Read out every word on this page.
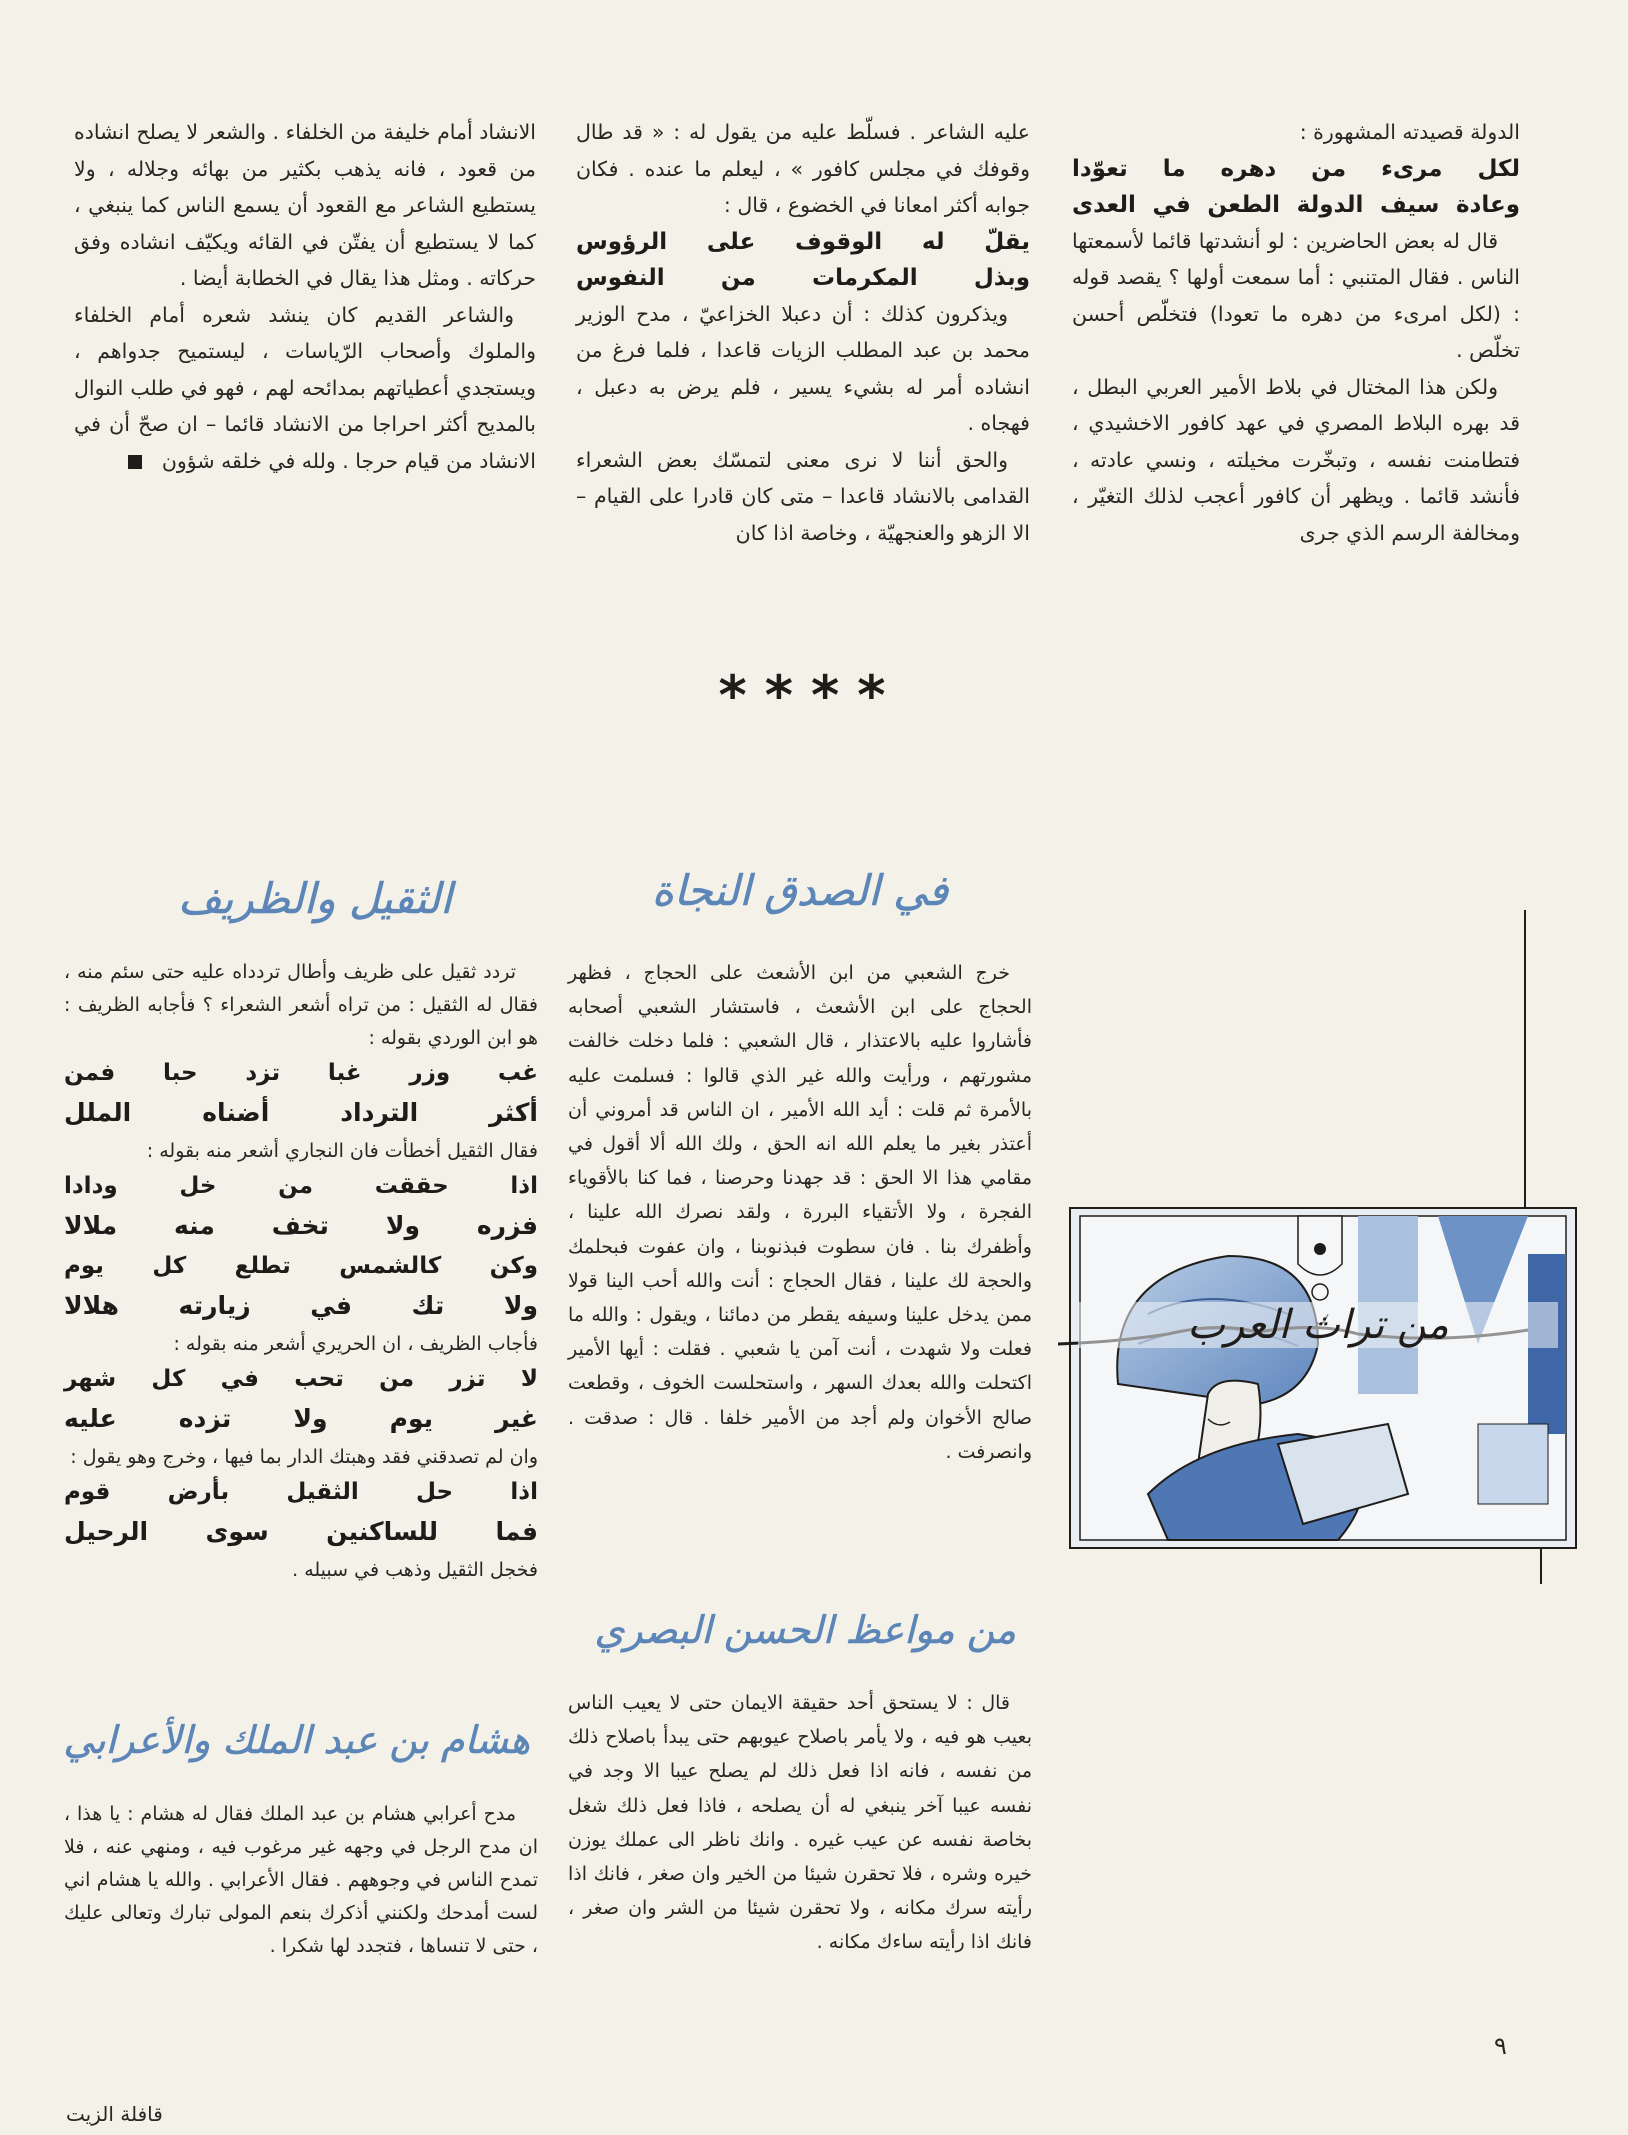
الدولة قصيدته المشهورة :

لكل مرىء من دهره ما تعوّدا

وعادة سيف الدولة الطعن في العدى

قال له بعض الحاضرين : لو أنشدتها قائما لأسمعتها الناس . فقال المتنبي : أما سمعت أولها ؟ يقصد قوله : (لكل امرىء من دهره ما تعودا) فتخلّص أحسن تخلّص .

ولكن هذا المختال في بلاط الأمير العربي البطل ، قد بهره البلاط المصري في عهد كافور الاخشيدي ، فتطامنت نفسه ، وتبخّرت مخيلته ، ونسي عادته ، فأنشد قائما . ويظهر أن كافور أعجب لذلك التغيّر ، ومخالفة الرسم الذي جرى

عليه الشاعر . فسلّط عليه من يقول له : « قد طال وقوفك في مجلس كافور » ، ليعلم ما عنده . فكان جوابه أكثر امعانا في الخضوع ، قال :

يقلّ له الوقوف على الرؤوس

وبذل المكرمات من النفوس

ويذكرون كذلك : أن دعبلا الخزاعيّ ، مدح الوزير محمد بن عبد المطلب الزيات قاعدا ، فلما فرغ من انشاده أمر له بشيء يسير ، فلم يرض به دعبل ، فهجاه .

والحق أننا لا نرى معنى لتمسّك بعض الشعراء القدامى بالانشاد قاعدا – متى كان قادرا على القيام – الا الزهو والعنجهيّة ، وخاصة اذا كان

الانشاد أمام خليفة من الخلفاء . والشعر لا يصلح انشاده من قعود ، فانه يذهب بكثير من بهائه وجلاله ، ولا يستطيع الشاعر مع القعود أن يسمع الناس كما ينبغي ، كما لا يستطيع أن يفتّن في القائه ويكيّف انشاده وفق حركاته . ومثل هذا يقال في الخطابة أيضا .

والشاعر القديم كان ينشد شعره أمام الخلفاء والملوك وأصحاب الرّياسات ، ليستميح جدواهم ، ويستجدي أعطياتهم بمدائحه لهم ، فهو في طلب النوال بالمديح أكثر احراجا من الانشاد قائما – ان صحّ أن في الانشاد من قيام حرجا . ولله في خلقه شؤون

****
في الصدق النجاة

خرج الشعبي من ابن الأشعث على الحجاج ، فظهر الحجاج على ابن الأشعث ، فاستشار الشعبي أصحابه فأشاروا عليه بالاعتذار ، قال الشعبي : فلما دخلت خالفت مشورتهم ، ورأيت والله غير الذي قالوا : فسلمت عليه بالأمرة ثم قلت : أيد الله الأمير ، ان الناس قد أمروني أن أعتذر بغير ما يعلم الله انه الحق ، ولك الله ألا أقول في مقامي هذا الا الحق : قد جهدنا وحرصنا ، فما كنا بالأقوياء الفجرة ، ولا الأتقياء البررة ، ولقد نصرك الله علينا ، وأظفرك بنا . فان سطوت فبذنوبنا ، وان عفوت فبحلمك والحجة لك علينا ، فقال الحجاج : أنت والله أحب الينا قولا ممن يدخل علينا وسيفه يقطر من دمائنا ، ويقول : والله ما فعلت ولا شهدت ، أنت آمن يا شعبي . فقلت : أيها الأمير اكتحلت والله بعدك السهر ، واستحلست الخوف ، وقطعت صالح الأخوان ولم أجد من الأمير خلفا . قال : صدقت . وانصرفت .

من مواعظ الحسن البصري

قال : لا يستحق أحد حقيقة الايمان حتى لا يعيب الناس بعيب هو فيه ، ولا يأمر باصلاح عيوبهم حتى يبدأ باصلاح ذلك من نفسه ، فانه اذا فعل ذلك لم يصلح عيبا الا وجد في نفسه عيبا آخر ينبغي له أن يصلحه ، فاذا فعل ذلك شغل بخاصة نفسه عن عيب غيره . وانك ناظر الى عملك يوزن خيره وشره ، فلا تحقرن شيئا من الخير وان صغر ، فانك اذا رأيته سرك مكانه ، ولا تحقرن شيئا من الشر وان صغر ، فانك اذا رأيته ساءك مكانه .

الثقيل والظريف

تردد ثقيل على ظريف وأطال تردداه عليه حتى سئم منه ، فقال له الثقيل : من تراه أشعر الشعراء ؟ فأجابه الظريف : هو ابن الوردي بقوله :

غب وزر غبا تزد حبا فمن

أكثر الترداد أضناه الملل

فقال الثقيل أخطأت فان النجاري أشعر منه بقوله :

اذا حققت من خل ودادا

فزره ولا تخف منه ملالا

وكن كالشمس تطلع كل يوم

ولا تك في زيارته هلالا

فأجاب الظريف ، ان الحريري أشعر منه بقوله :

لا تزر من تحب في كل شهر

غير يوم ولا تزده عليه

وان لم تصدقني فقد وهبتك الدار بما فيها ، وخرج وهو يقول :

اذا حل الثقيل بأرض قوم

فما للساكنين سوى الرحيل

فخجل الثقيل وذهب في سبيله .

هشام بن عبد الملك والأعرابي

مدح أعرابي هشام بن عبد الملك فقال له هشام : يا هذا ، ان مدح الرجل في وجهه غير مرغوب فيه ، ومنهي عنه ، فلا تمدح الناس في وجوههم . فقال الأعرابي . والله يا هشام اني لست أمدحك ولكنني أذكرك بنعم المولى تبارك وتعالى عليك ، حتى لا تنساها ، فتجدد لها شكرا .

من تراث العرب
٩
قافلة الزيت
